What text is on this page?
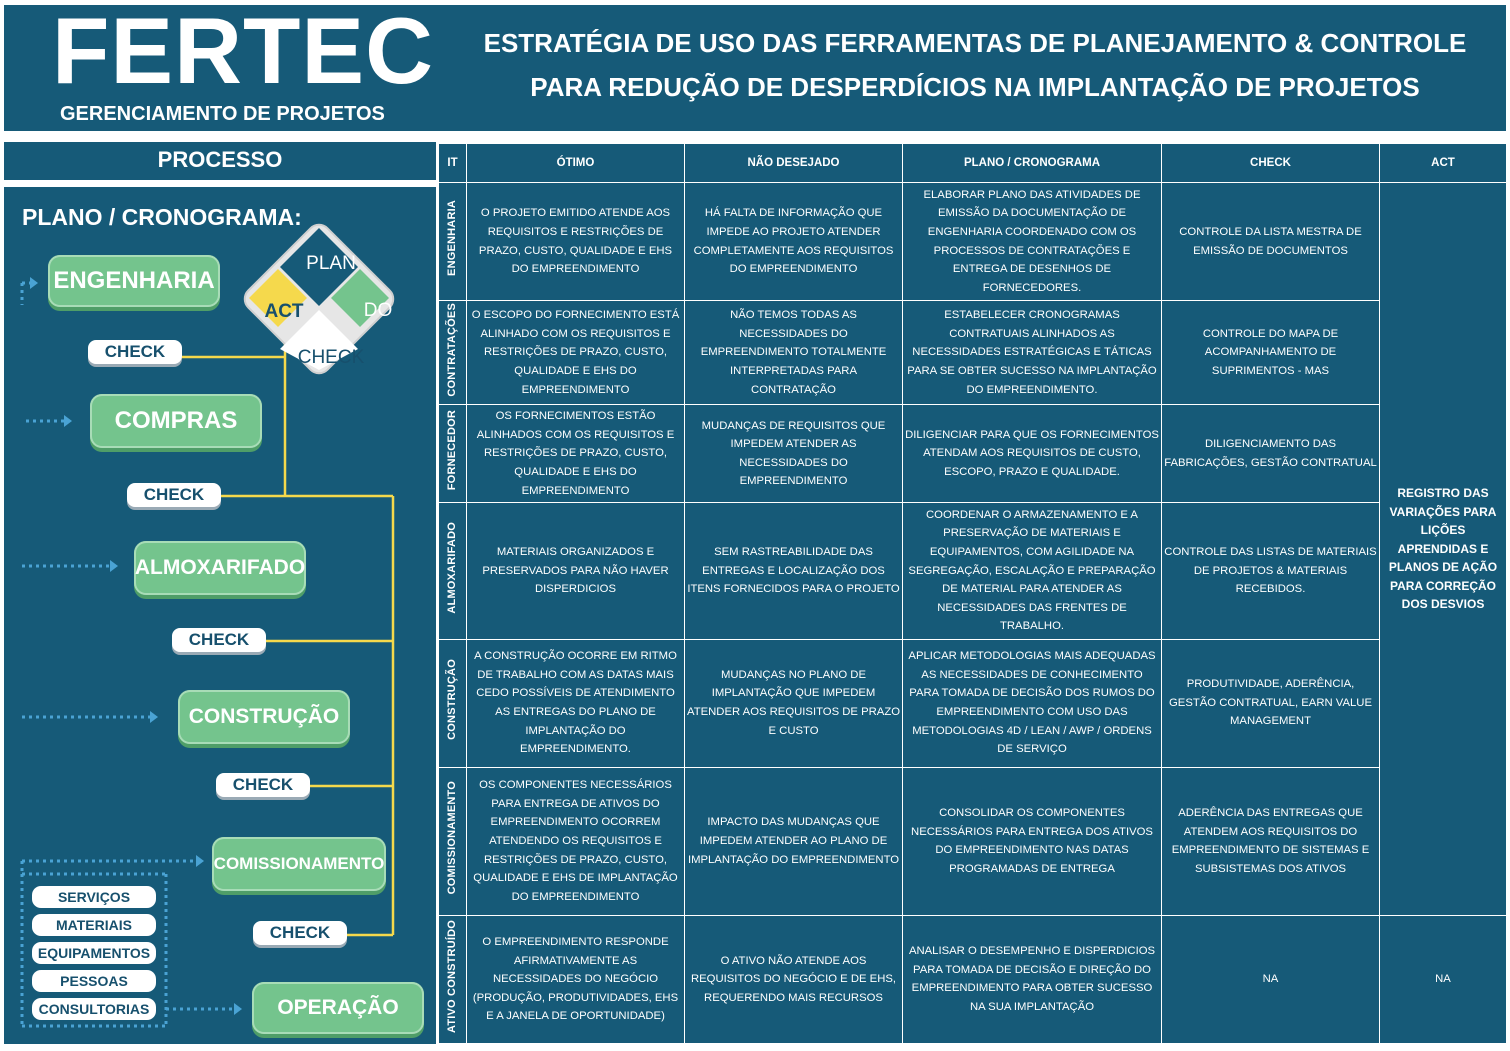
FERTEC
GERENCIAMENTO DE PROJETOS
ESTRATÉGIA DE USO DAS FERRAMENTAS DE PLANEJAMENTO & CONTROLE
PARA REDUÇÃO DE DESPERDÍCIOS NA IMPLANTAÇÃO DE PROJETOS
PROCESSO
PLANO / CRONOGRAMA:
PLAN
DO
ACT
CHECK
ENGENHARIA
COMPRAS
ALMOXARIFADO
CONSTRUÇÃO
COMISSIONAMENTO
OPERAÇÃO
CHECK
CHECK
CHECK
CHECK
CHECK
SERVIÇOS
MATERIAIS
EQUIPAMENTOS
PESSOAS
CONSULTORIAS
IT	ÓTIMO	NÃO DESEJADO	PLANO / CRONOGRAMA	CHECK	ACT
ENGENHARIA	O PROJETO EMITIDO ATENDE AOS REQUISITOS E RESTRIÇÕES DE PRAZO, CUSTO, QUALIDADE E EHS DO EMPREENDIMENTO	HÁ FALTA DE INFORMAÇÃO QUE IMPEDE AO PROJETO ATENDER COMPLETAMENTE AOS REQUISITOS DO EMPREENDIMENTO	ELABORAR PLANO DAS ATIVIDADES DE EMISSÃO DA DOCUMENTAÇÃO DE ENGENHARIA COORDENADO COM OS PROCESSOS DE CONTRATAÇÕES E ENTREGA DE DESENHOS DE FORNECEDORES.	CONTROLE DA LISTA MESTRA DE EMISSÃO DE DOCUMENTOS	REGISTRO DAS VARIAÇÕES PARA LIÇÕES APRENDIDAS E PLANOS DE AÇÃO PARA CORREÇÃO DOS DESVIOS
CONTRATAÇÕES	O ESCOPO DO FORNECIMENTO ESTÁ ALINHADO COM OS REQUISITOS E RESTRIÇÕES DE PRAZO, CUSTO, QUALIDADE E EHS DO EMPREENDIMENTO	NÃO TEMOS TODAS AS NECESSIDADES DO EMPREENDIMENTO TOTALMENTE INTERPRETADAS PARA CONTRATAÇÃO	ESTABELECER CRONOGRAMAS CONTRATUAIS ALINHADOS AS NECESSIDADES ESTRATÉGICAS E TÁTICAS PARA SE OBTER SUCESSO NA IMPLANTAÇÃO DO EMPREENDIMENTO.	CONTROLE DO MAPA DE ACOMPANHAMENTO DE SUPRIMENTOS - MAS	
FORNECEDOR	OS FORNECIMENTOS ESTÃO ALINHADOS COM OS REQUISITOS E RESTRIÇÕES DE PRAZO, CUSTO, QUALIDADE E EHS DO EMPREENDIMENTO	MUDANÇAS DE REQUISITOS QUE IMPEDEM ATENDER AS NECESSIDADES DO EMPREENDIMENTO	DILIGENCIAR PARA QUE OS FORNECIMENTOS ATENDAM AOS REQUISITOS DE CUSTO, ESCOPO, PRAZO E QUALIDADE.	DILIGENCIAMENTO DAS FABRICAÇÕES, GESTÃO CONTRATUAL	
ALMOXARIFADO	MATERIAIS ORGANIZADOS E PRESERVADOS PARA NÃO HAVER DISPERDICIOS	SEM RASTREABILIDADE DAS ENTREGAS E LOCALIZAÇÃO DOS ITENS FORNECIDOS PARA O PROJETO	COORDENAR O ARMAZENAMENTO E A PRESERVAÇÃO DE MATERIAIS E EQUIPAMENTOS, COM AGILIDADE NA SEGREGAÇÃO, ESCALAÇÃO E PREPARAÇÃO DE MATERIAL PARA ATENDER AS NECESSIDADES DAS FRENTES DE TRABALHO.	CONTROLE DAS LISTAS DE MATERIAIS DE PROJETOS & MATERIAIS RECEBIDOS.	
CONSTRUÇÃO	A CONSTRUÇÃO OCORRE EM RITMO DE TRABALHO COM AS DATAS MAIS CEDO POSSÍVEIS DE ATENDIMENTO AS ENTREGAS DO PLANO DE IMPLANTAÇÃO DO EMPREENDIMENTO.	MUDANÇAS NO PLANO DE IMPLANTAÇÃO QUE IMPEDEM ATENDER AOS REQUISITOS DE PRAZO E CUSTO	APLICAR METODOLOGIAS MAIS ADEQUADAS AS NECESSIDADES DE CONHECIMENTO PARA TOMADA DE DECISÃO DOS RUMOS DO EMPREENDIMENTO COM USO DAS METODOLOGIAS 4D / LEAN / AWP / ORDENS DE SERVIÇO	PRODUTIVIDADE, ADERÊNCIA, GESTÃO CONTRATUAL, EARN VALUE MANAGEMENT	
COMISSIONAMENTO	OS COMPONENTES NECESSÁRIOS PARA ENTREGA DE ATIVOS DO EMPREENDIMENTO OCORREM ATENDENDO OS REQUISITOS E RESTRIÇÕES DE PRAZO, CUSTO, QUALIDADE E EHS DE IMPLANTAÇÃO DO EMPREENDIMENTO	IMPACTO DAS MUDANÇAS QUE IMPEDEM ATENDER AO PLANO DE IMPLANTAÇÃO DO EMPREENDIMENTO	CONSOLIDAR OS COMPONENTES NECESSÁRIOS PARA ENTREGA DOS ATIVOS DO EMPREENDIMENTO NAS DATAS PROGRAMADAS DE ENTREGA	ADERÊNCIA DAS ENTREGAS QUE ATENDEM AOS REQUISITOS DO EMPREENDIMENTO DE SISTEMAS E SUBSISTEMAS DOS ATIVOS	
ATIVO CONSTRUÍDO	O EMPREENDIMENTO RESPONDE AFIRMATIVAMENTE AS NECESSIDADES DO NEGÓCIO (PRODUÇÃO, PRODUTIVIDADES, EHS E A JANELA DE OPORTUNIDADE)	O ATIVO NÃO ATENDE AOS REQUISITOS DO NEGÓCIO E DE EHS, REQUERENDO MAIS RECURSOS	ANALISAR O DESEMPENHO E DISPERDICIOS PARA TOMADA DE DECISÃO E DIREÇÃO DO EMPREENDIMENTO PARA OBTER SUCESSO NA SUA IMPLANTAÇÃO	NA	NA
